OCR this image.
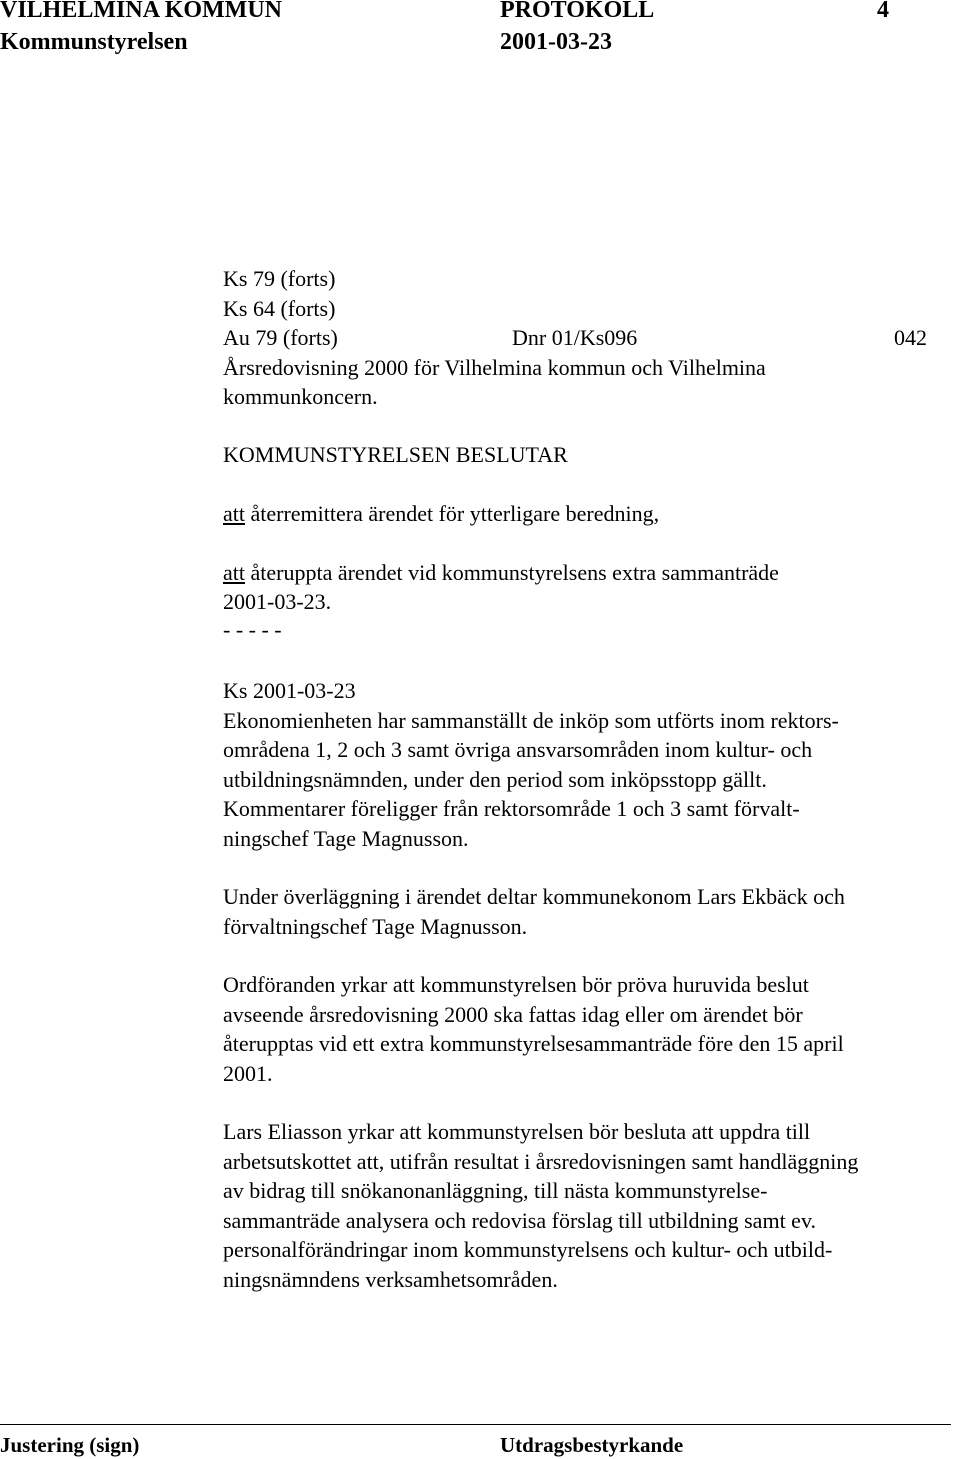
VILHELMINA KOMMUN	PROTOKOLL	4
Kommunstyrelsen	2001-03-23
Ks 79 (forts)
Ks 64 (forts)
Au 79 (forts)	Dnr 01/Ks096	042
Årsredovisning 2000 för Vilhelmina kommun och Vilhelmina
kommunkoncern.
KOMMUNSTYRELSEN BESLUTAR
att återremittera ärendet för ytterligare beredning,
att återuppta ärendet vid kommunstyrelsens extra sammanträde
2001-03-23.
- - - - -
Ks 2001-03-23
Ekonomienheten har sammanställt de inköp som utförts inom rektors-
områdena 1, 2 och 3 samt övriga ansvarsområden inom kultur- och
utbildningsnämnden, under den period som inköpsstopp gällt.
Kommentarer föreligger från rektorsområde 1 och 3 samt förvalt-
ningschef Tage Magnusson.
Under överläggning i ärendet deltar kommunekonom Lars Ekbäck och
förvaltningschef Tage Magnusson.
Ordföranden yrkar att kommunstyrelsen bör pröva huruvida beslut
avseende årsredovisning 2000 ska fattas idag eller om ärendet bör
återupptas vid ett extra kommunstyrelsesammanträde före den 15 april
2001.
Lars Eliasson yrkar att kommunstyrelsen bör besluta att uppdra till
arbetsutskottet att, utifrån resultat i årsredovisningen samt handläggning
av bidrag till snökanonanläggning, till nästa kommunstyrelse-
sammanträde analysera och redovisa förslag till utbildning samt ev.
personalförändringar inom kommunstyrelsens och kultur- och utbild-
ningsnämndens verksamhetsområden.
Justering (sign)	Utdragsbestyrkande
